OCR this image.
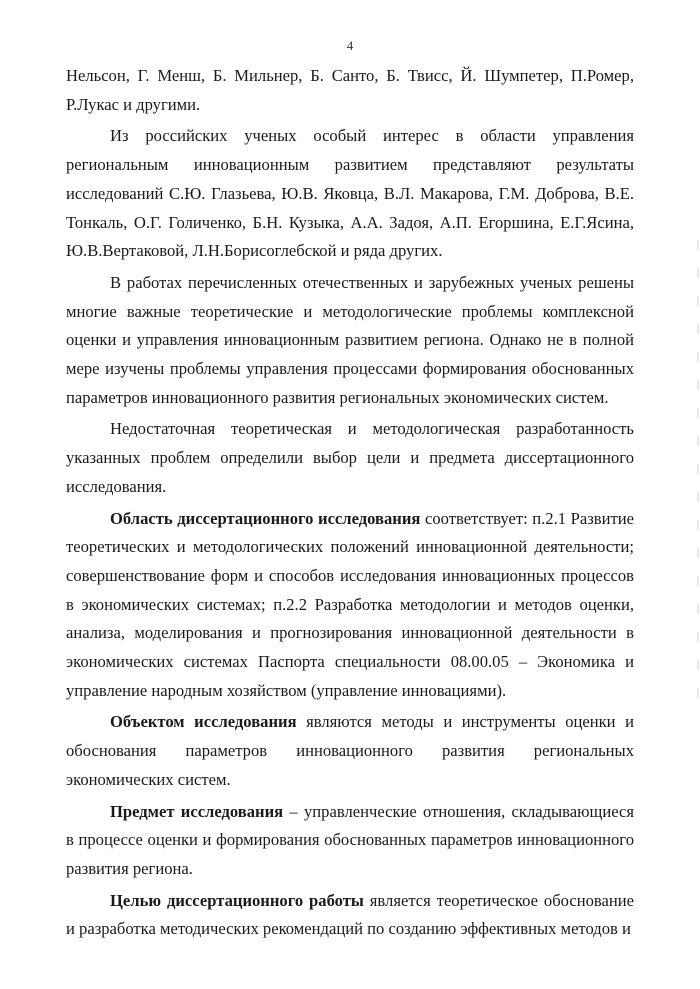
4

Нельсон, Г. Менш, Б. Мильнер, Б. Санто, Б. Твисс, Й. Шумпетер, П.Ромер, Р.Лукас и другими.

Из российских ученых особый интерес в области управления региональным инновационным развитием представляют результаты исследований С.Ю. Глазьева, Ю.В. Яковца, В.Л. Макарова, Г.М. Доброва, В.Е. Тонкаль, О.Г. Голиченко, Б.Н. Кузыка, А.А. Задоя, А.П. Егоршина, Е.Г.Ясина, Ю.В.Вертаковой, Л.Н.Борисоглебской и ряда других.

В работах перечисленных отечественных и зарубежных ученых решены многие важные теоретические и методологические проблемы комплексной оценки и управления инновационным развитием региона. Однако не в полной мере изучены проблемы управления процессами формирования обоснованных параметров инновационного развития региональных экономических систем.

Недостаточная теоретическая и методологическая разработанность указанных проблем определили выбор цели и предмета диссертационного исследования.

Область диссертационного исследования соответствует: п.2.1 Развитие теоретических и методологических положений инновационной деятельности; совершенствование форм и способов исследования инновационных процессов в экономических системах; п.2.2 Разработка методологии и методов оценки, анализа, моделирования и прогнозирования инновационной деятельности в экономических системах Паспорта специальности 08.00.05 – Экономика и управление народным хозяйством (управление инновациями).

Объектом исследования являются методы и инструменты оценки и обоснования параметров инновационного развития региональных экономических систем.

Предмет исследования – управленческие отношения, складывающиеся в процессе оценки и формирования обоснованных параметров инновационного развития региона.

Целью диссертационного работы является теоретическое обоснование и разработка методических рекомендаций по созданию эффективных методов и
